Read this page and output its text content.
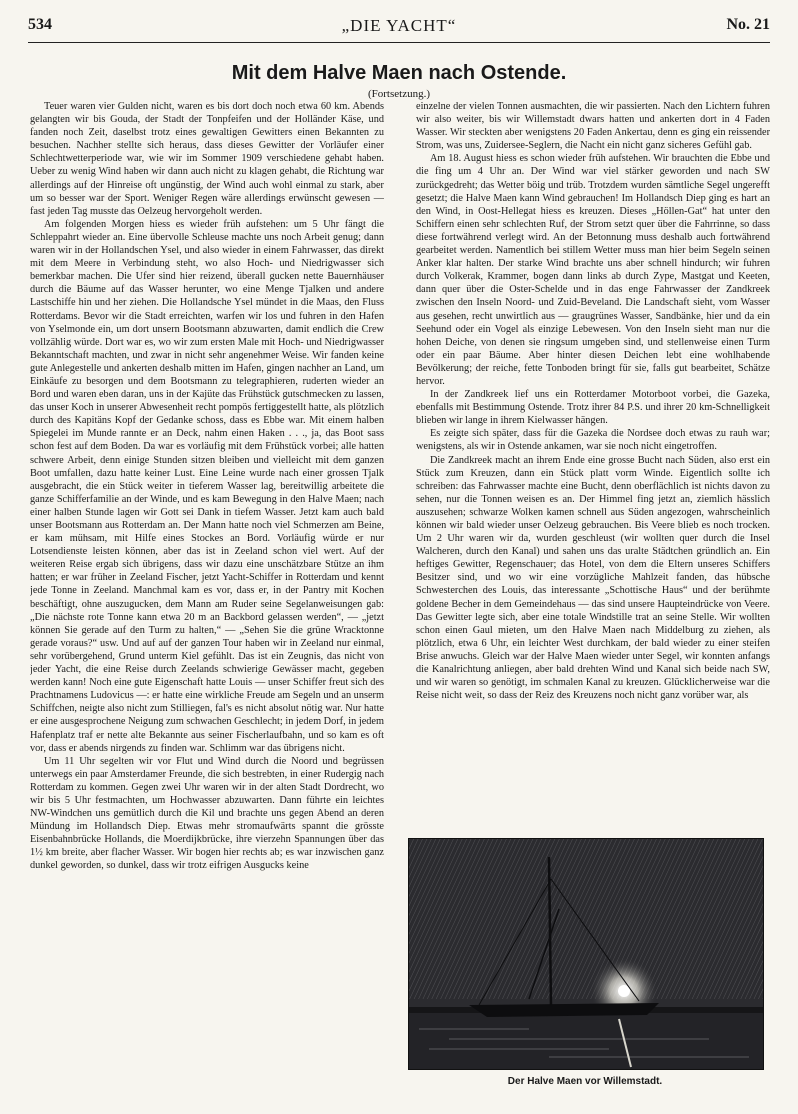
534	„DIE YACHT“	No. 21
Mit dem Halve Maen nach Ostende.
(Fortsetzung.)

Teuer waren vier Gulden nicht, waren es bis dort doch noch etwa 60 km. Abends gelangten wir bis Gouda, der Stadt der Tonpfeifen und der Holländer Käse, und fanden noch Zeit, daselbst trotz eines gewaltigen Gewitters einen Bekannten zu besuchen. Nachher stellte sich heraus, dass dieses Gewitter der Vorläufer einer Schlechtwetterperiode war, wie wir im Sommer 1909 verschiedene gehabt haben. Ueber zu wenig Wind haben wir dann auch nicht zu klagen gehabt, die Richtung war allerdings auf der Hinreise oft ungünstig, der Wind auch wohl einmal zu stark, aber um so besser war der Sport. Weniger Regen wäre allerdings erwünscht gewesen — fast jeden Tag musste das Oelzeug hervorgeholt werden.

Am folgenden Morgen hiess es wieder früh aufstehen: um 5 Uhr fängt die Schleppahrt wieder an. Eine übervolle Schleuse machte uns noch Arbeit genug; dann waren wir in der Hollandschen Ysel, und also wieder in einem Fahrwasser, das direkt mit dem Meere in Verbindung steht, wo also Hoch- und Niedrigwasser sich bemerkbar machen. Die Ufer sind hier reizend, überall gucken nette Bauernhäuser durch die Bäume auf das Wasser herunter, wo eine Menge Tjalken und andere Lastschiffe hin und her ziehen. Die Hollandsche Ysel mündet in die Maas, den Fluss Rotterdams. Bevor wir die Stadt erreichten, warfen wir los und fuhren in den Hafen von Yselmonde ein, um dort unsern Bootsmann abzuwarten, damit endlich die Crew vollzählig würde. Dort war es, wo wir zum ersten Male mit Hoch- und Niedrigwasser Bekanntschaft machten, und zwar in nicht sehr angenehmer Weise. Wir fanden keine gute Anlegestelle und ankerten deshalb mitten im Hafen, gingen nachher an Land, um Einkäufe zu besorgen und dem Bootsmann zu telegraphieren, ruderten wieder an Bord und waren eben daran, uns in der Kajüte das Frühstück gutschmecken zu lassen, das unser Koch in unserer Abwesenheit recht pompös fertiggestellt hatte, als plötzlich durch des Kapitäns Kopf der Gedanke schoss, dass es Ebbe war. Mit einem halben Spiegelei im Munde rannte er an Deck, nahm einen Haken . . ., ja, das Boot sass schon fest auf dem Boden. Da war es vorläufig mit dem Frühstück vorbei; alle hatten schwere Arbeit, denn einige Stunden sitzen bleiben und vielleicht mit dem ganzen Boot umfallen, dazu hatte keiner Lust. Eine Leine wurde nach einer grossen Tjalk ausgebracht, die ein Stück weiter in tieferem Wasser lag, bereitwillig arbeitete die ganze Schifferfamilie an der Winde, und es kam Bewegung in den Halve Maen; nach einer halben Stunde lagen wir Gott sei Dank in tiefem Wasser. Jetzt kam auch bald unser Bootsmann aus Rotterdam an. Der Mann hatte noch viel Schmerzen am Beine, er kam mühsam, mit Hilfe eines Stockes an Bord. Vorläufig würde er nur Lotsendienste leisten können, aber das ist in Zeeland schon viel wert. Auf der weiteren Reise ergab sich übrigens, dass wir dazu eine unschätzbare Stütze an ihm hatten; er war früher in Zeeland Fischer, jetzt Yacht-Schiffer in Rotterdam und kennt jede Tonne in Zeeland. Manchmal kam es vor, dass er, in der Pantry mit Kochen beschäftigt, ohne auszugucken, dem Mann am Ruder seine Segelanweisungen gab: „Die nächste rote Tonne kann etwa 20 m an Backbord gelassen werden“, — „jetzt können Sie gerade auf den Turm zu halten,“ — „Sehen Sie die grüne Wracktonne gerade voraus?“ usw. Und auf auf der ganzen Tour haben wir in Zeeland nur einmal, sehr vorübergehend, Grund unterm Kiel gefühlt. Das ist ein Zeugnis, das nicht von jeder Yacht, die eine Reise durch Zeelands schwierige Gewässer macht, gegeben werden kann! Noch eine gute Eigenschaft hatte Louis — unser Schiffer freut sich des Prachtnamens Ludovicus —: er hatte eine wirkliche Freude am Segeln und an unserm Schiffchen, neigte also nicht zum Stilliegen, fal's es nicht absolut nötig war. Nur hatte er eine ausgesprochene Neigung zum schwachen Geschlecht; in jedem Dorf, in jedem Hafenplatz traf er nette alte Bekannte aus seiner Fischerlaufbahn, und so kam es oft vor, dass er abends nirgends zu finden war. Schlimm war das übrigens nicht.

Um 11 Uhr segelten wir vor Flut und Wind durch die Noord und begrüssen unterwegs ein paar Amsterdamer Freunde, die sich bestrebten, in einer Rudergig nach Rotterdam zu kommen. Gegen zwei Uhr waren wir in der alten Stadt Dordrecht, wo wir bis 5 Uhr festmachten, um Hochwasser abzuwarten. Dann führte ein leichtes NW-Windchen uns gemütlich durch die Kil und brachte uns gegen Abend an deren Mündung im Hollandsch Diep. Etwas mehr stromaufwärts spannt die grösste Eisenbahnbrücke Hollands, die Moerdijkbrücke, ihre vierzehn Spannungen über das 1½ km breite, aber flacher Wasser. Wir bogen hier rechts ab; es war inzwischen ganz dunkel geworden, so dunkel, dass wir trotz eifrigen Ausgucks keine

einzelne der vielen Tonnen ausmachten, die wir passierten. Nach den Lichtern fuhren wir also weiter, bis wir Willemstadt dwars hatten und ankerten dort in 4 Faden Wasser. Wir steckten aber wenigstens 20 Faden Ankertau, denn es ging ein reissender Strom, was uns, Zuidersee-Seglern, die Nacht ein nicht ganz sicheres Gefühl gab.

Am 18. August hiess es schon wieder früh aufstehen. Wir brauchten die Ebbe und die fing um 4 Uhr an. Der Wind war viel stärker geworden und nach SW zurückgedreht; das Wetter böig und trüb. Trotzdem wurden sämtliche Segel ungerefft gesetzt; die Halve Maen kann Wind gebrauchen! Im Hollandsch Diep ging es hart an den Wind, in Oost-Hellegat hiess es kreuzen. Dieses „Höllen-Gat“ hat unter den Schiffern einen sehr schlechten Ruf, der Strom setzt quer über die Fahrrinne, so dass diese fortwährend verlegt wird. An der Betonnung muss deshalb auch fortwährend gearbeitet werden. Namentlich bei stillem Wetter muss man hier beim Segeln seinen Anker klar halten. Der starke Wind brachte uns aber schnell hindurch; wir fuhren durch Volkerak, Krammer, bogen dann links ab durch Zype, Mastgat und Keeten, dann quer über die Oster-Schelde und in das enge Fahrwasser der Zandkreek zwischen den Inseln Noord- und Zuid-Beveland. Die Landschaft sieht, vom Wasser aus gesehen, recht unwirtlich aus — graugrünes Wasser, Sandbänke, hier und da ein Seehund oder ein Vogel als einzige Lebewesen. Von den Inseln sieht man nur die hohen Deiche, von denen sie ringsum umgeben sind, und stellenweise einen Turm oder ein paar Bäume. Aber hinter diesen Deichen lebt eine wohlhabende Bevölkerung; der reiche, fette Tonboden bringt für sie, falls gut bearbeitet, Schätze hervor.

In der Zandkreek lief uns ein Rotterdamer Motorboot vorbei, die Gazeka, ebenfalls mit Bestimmung Ostende. Trotz ihrer 84 P.S. und ihrer 20 km-Schnelligkeit blieben wir lange in ihrem Kielwasser hängen.

Es zeigte sich später, dass für die Gazeka die Nordsee doch etwas zu rauh war; wenigstens, als wir in Ostende ankamen, war sie noch nicht eingetroffen.

Die Zandkreek macht an ihrem Ende eine grosse Bucht nach Süden, also erst ein Stück zum Kreuzen, dann ein Stück platt vorm Winde. Eigentlich sollte ich schreiben: das Fahrwasser machte eine Bucht, denn oberflächlich ist nichts davon zu sehen, nur die Tonnen weisen es an. Der Himmel fing jetzt an, ziemlich hässlich auszusehen; schwarze Wolken kamen schnell aus Süden angezogen, wahrscheinlich können wir bald wieder unser Oelzeug gebrauchen. Bis Veere blieb es noch trocken. Um 2 Uhr waren wir da, wurden geschleust (wir wollten quer durch die Insel Walcheren, durch den Kanal) und sahen uns das uralte Städtchen gründlich an. Ein heftiges Gewitter, Regenschauer; das Hotel, von dem die Eltern unseres Schiffers Besitzer sind, und wo wir eine vorzügliche Mahlzeit fanden, das hübsche Schwesterchen des Louis, das interessante „Schottische Haus“ und der berühmte goldene Becher in dem Gemeindehaus — das sind unsere Haupteindrücke von Veere. Das Gewitter legte sich, aber eine totale Windstille trat an seine Stelle. Wir wollten schon einen Gaul mieten, um den Halve Maen nach Middelburg zu ziehen, als plötzlich, etwa 6 Uhr, ein leichter West durchkam, der bald wieder zu einer steifen Brise anwuchs. Gleich war der Halve Maen wieder unter Segel, wir konnten anfangs die Kanalrichtung anliegen, aber bald drehten Wind und Kanal sich beide nach SW, und wir waren so genötigt, im schmalen Kanal zu kreuzen. Glücklicherweise war die Reise nicht weit, so dass der Reiz des Kreuzens noch nicht ganz vorüber war, als

Der Halve Maen vor Willemstadt.
